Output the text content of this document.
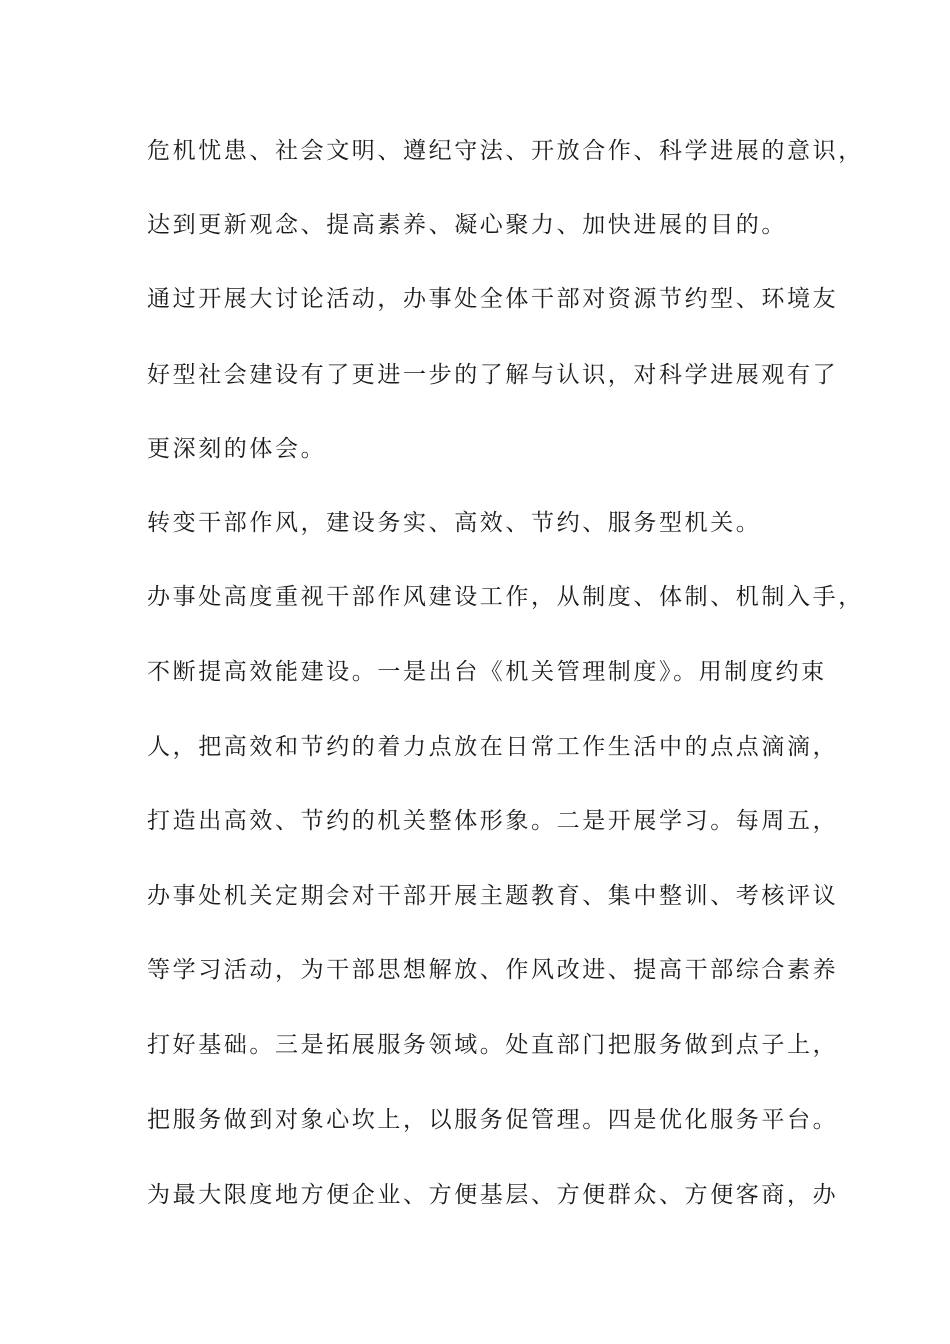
危机忧患、社会文明、遵纪守法、开放合作、科学进展的意识，
达到更新观念、提高素养、凝心聚力、加快进展的目的。
通过开展大讨论活动，办事处全体干部对资源节约型、环境友
好型社会建设有了更进一步的了解与认识，对科学进展观有了
更深刻的体会。
转变干部作风，建设务实、高效、节约、服务型机关。
办事处高度重视干部作风建设工作，从制度、体制、机制入手，
不断提高效能建设。一是出台《机关管理制度》。用制度约束
人，把高效和节约的着力点放在日常工作生活中的点点滴滴，
打造出高效、节约的机关整体形象。二是开展学习。每周五，
办事处机关定期会对干部开展主题教育、集中整训、考核评议
等学习活动，为干部思想解放、作风改进、提高干部综合素养
打好基础。三是拓展服务领域。处直部门把服务做到点子上，
把服务做到对象心坎上，以服务促管理。四是优化服务平台。
为最大限度地方便企业、方便基层、方便群众、方便客商，办
